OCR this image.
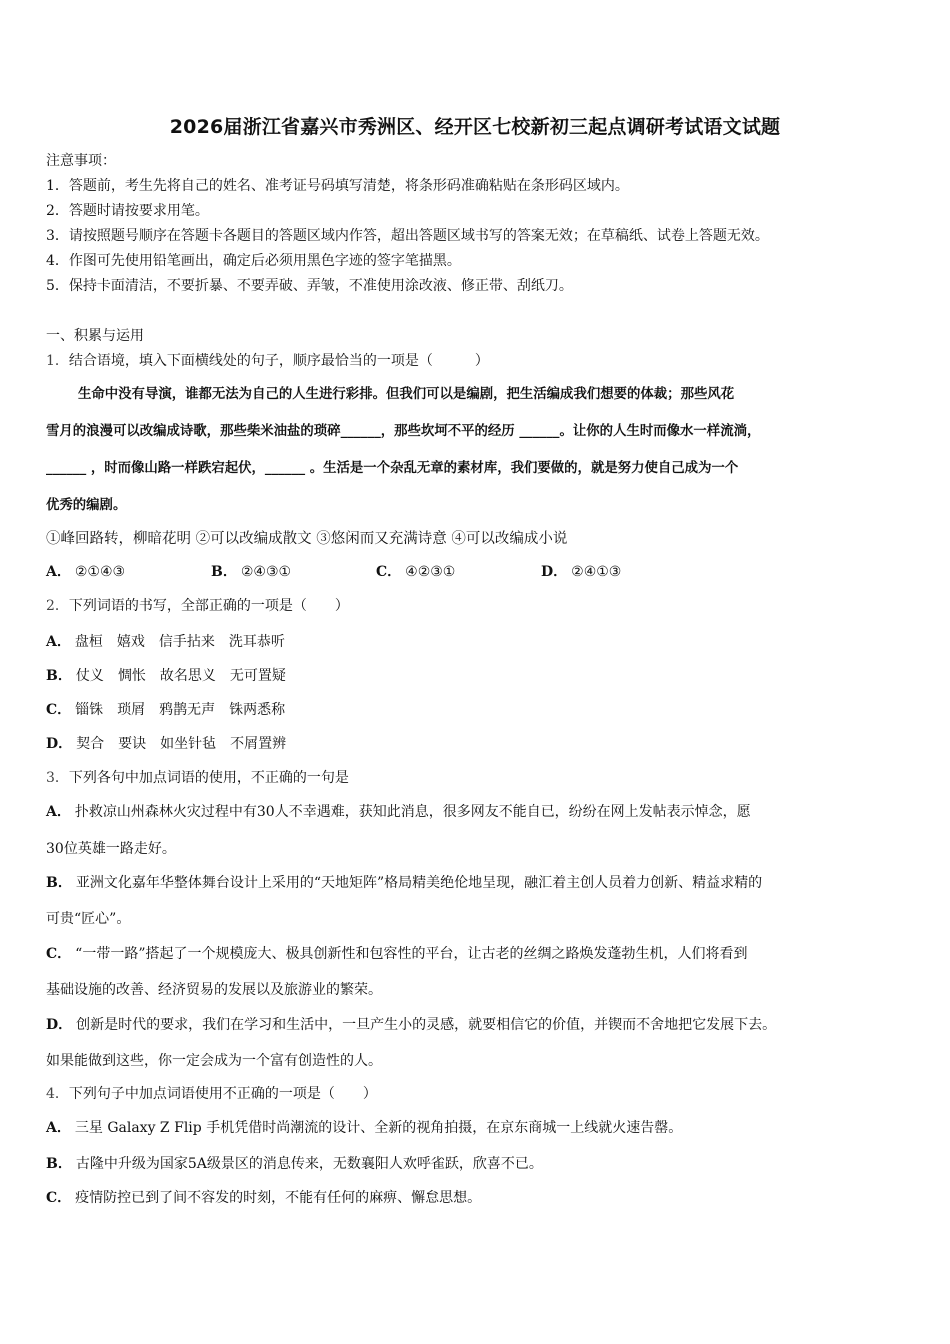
2026届浙江省嘉兴市秀洲区、经开区七校新初三起点调研考试语文试题
注意事项：
1．答题前，考生先将自己的姓名、准考证号码填写清楚，将条形码准确粘贴在条形码区域内。
2．答题时请按要求用笔。
3．请按照题号顺序在答题卡各题目的答题区域内作答，超出答题区域书写的答案无效；在草稿纸、试卷上答题无效。
4．作图可先使用铅笔画出，确定后必须用黑色字迹的签字笔描黑。
5．保持卡面清洁，不要折暴、不要弄破、弄皱，不准使用涂改液、修正带、刮纸刀。
一、积累与运用
1．结合语境，填入下面横线处的句子，顺序最恰当的一项是（　　　）
生命中没有导演，谁都无法为自己的人生进行彩排。但我们可以是编剧，把生活编成我们想要的体裁；那些风花
雪月的浪漫可以改编成诗歌，那些柴米油盐的琐碎______，那些坎坷不平的经历 ______。让你的人生时而像水一样流淌，
______ ，时而像山路一样跌宕起伏，______ 。生活是一个杂乱无章的素材库，我们要做的，就是努力使自己成为一个
优秀的编剧。
①峰回路转，柳暗花明 ②可以改编成散文 ③悠闲而又充满诗意 ④可以改编成小说
A． ②①④③	B． ②④③①	C． ④②③①	D． ②④①③
2．下列词语的书写，全部正确的一项是（　　）
A． 盘桓 嬉戏 信手拈来 洗耳恭听
B． 仗义 惆怅 故名思义 无可置疑
C． 锱铢 琐屑 鸦鹊无声 铢两悉称
D． 契合 要诀 如坐针毡 不屑置辨
3．下列各句中加点词语的使用，不正确的一句是
A． 扑救凉山州森林火灾过程中有30人不幸遇难，获知此消息，很多网友不能自已，纷纷在网上发帖表示悼念，愿
30位英雄一路走好。
B． 亚洲文化嘉年华整体舞台设计上采用的“天地矩阵”格局精美绝伦地呈现，融汇着主创人员着力创新、精益求精的
可贵“匠心”。
C． “一带一路”搭起了一个规模庞大、极具创新性和包容性的平台，让古老的丝绸之路焕发蓬勃生机，人们将看到
基础设施的改善、经济贸易的发展以及旅游业的繁荣。
D． 创新是时代的要求，我们在学习和生活中，一旦产生小的灵感，就要相信它的价值，并锲而不舍地把它发展下去。
如果能做到这些，你一定会成为一个富有创造性的人。
4．下列句子中加点词语使用不正确的一项是（　　）
A． 三星 Galaxy Z Flip 手机凭借时尚潮流的设计、全新的视角拍摄，在京东商城一上线就火速告罄。
B． 古隆中升级为国家5A级景区的消息传来，无数襄阳人欢呼雀跃，欣喜不已。
C． 疫情防控已到了间不容发的时刻，不能有任何的麻痹、懈怠思想。
